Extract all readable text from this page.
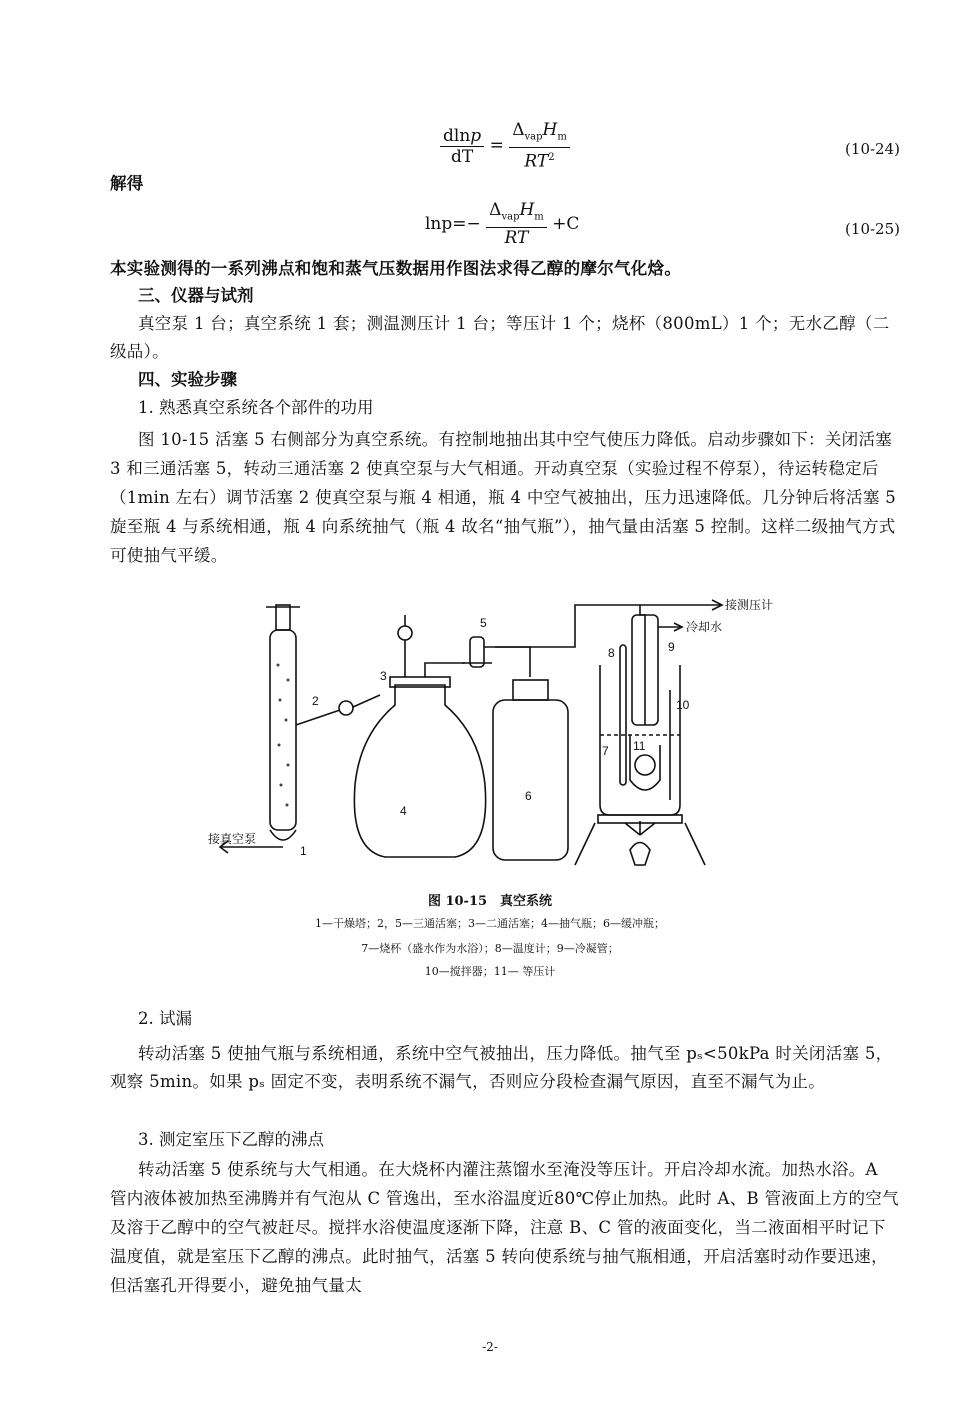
$\frac{dlnp}{dT} = \frac{\Delta_{vap}H_m}{RT^2}$	(10-24)
解得
$\ln p=- \frac{\Delta_{vap}H_m}{RT} +C$	(10-25)
本实验测得的一系列沸点和饱和蒸气压数据用作图法求得乙醇的摩尔气化焓。
三、仪器与试剂
真空泵 1 台；真空系统 1 套；测温测压计 1 台；等压计 1 个；烧杯（800mL）1 个；无水乙醇（二级品）。
四、实验步骤
1. 熟悉真空系统各个部件的功用
图 10-15 活塞 5 右侧部分为真空系统。有控制地抽出其中空气使压力降低。启动步骤如下：关闭活塞 3 和三通活塞 5，转动三通活塞 2 使真空泵与大气相通。开动真空泵（实验过程不停泵），待运转稳定后（1min 左右）调节活塞 2 使真空泵与瓶 4 相通，瓶 4 中空气被抽出，压力迅速降低。几分钟后将活塞 5 旋至瓶 4 与系统相通，瓶 4 向系统抽气（瓶 4 故名“抽气瓶”），抽气量由活塞 5 控制。这样二级抽气方式可使抽气平缓。
接测压计
冷却水
接真空泵
1
2
3
4
5
6
7
8	9
10
11
图 10-15　真空系统
1—干燥塔；2，5—三通活塞；3—二通活塞；4—抽气瓶；6—缓冲瓶；
7—烧杯（盛水作为水浴）；8—温度计；9—冷凝管；
10—搅拌器；11— 等压计
2. 试漏
转动活塞 5 使抽气瓶与系统相通，系统中空气被抽出，压力降低。抽气至 pₛ<50kPa 时关闭活塞 5，观察 5min。如果 pₛ 固定不变，表明系统不漏气，否则应分段检查漏气原因，直至不漏气为止。
3. 测定室压下乙醇的沸点
转动活塞 5 使系统与大气相通。在大烧杯内灌注蒸馏水至淹没等压计。开启冷却水流。加热水浴。A 管内液体被加热至沸腾并有气泡从 C 管逸出，至水浴温度近80℃停止加热。此时 A、B 管液面上方的空气及溶于乙醇中的空气被赶尽。搅拌水浴使温度逐渐下降，注意 B、C 管的液面变化，当二液面相平时记下温度值，就是室压下乙醇的沸点。此时抽气，活塞 5 转向使系统与抽气瓶相通，开启活塞时动作要迅速，但活塞孔开得要小，避免抽气量太
-2-
